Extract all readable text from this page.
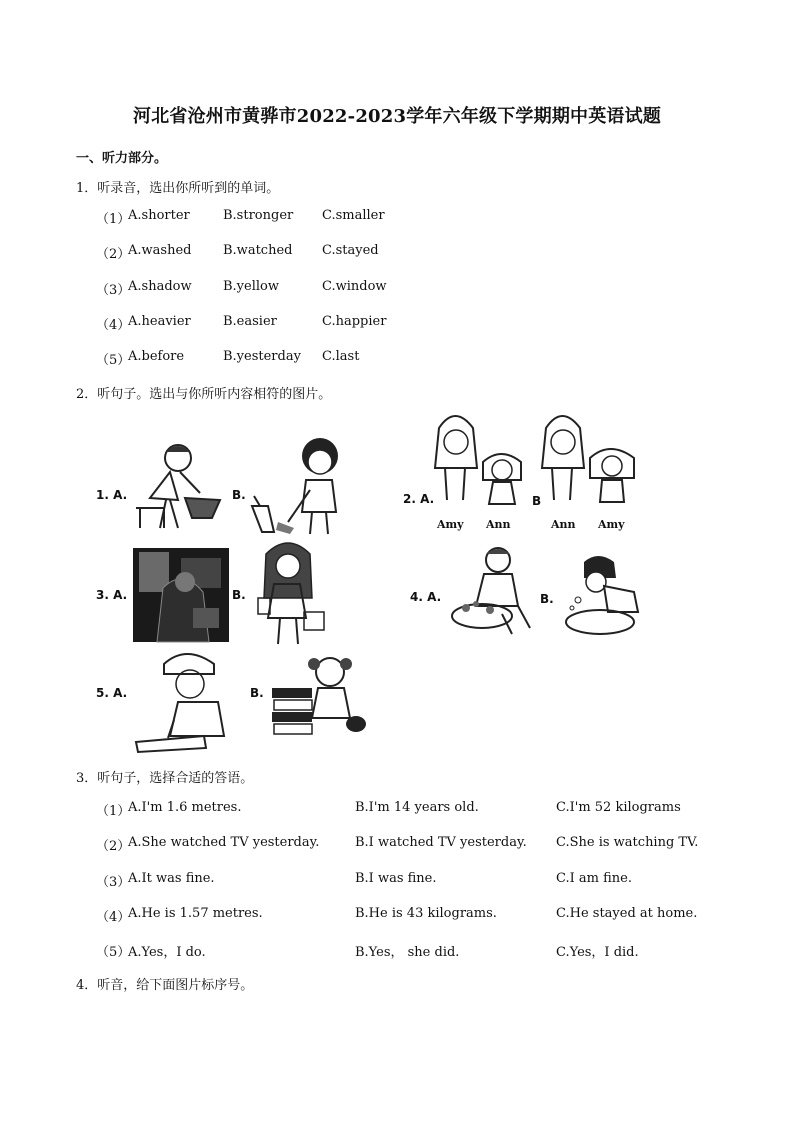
河北省沧州市黄骅市2022-2023学年六年级下学期期中英语试题
一、听力部分。
1．听录音，选出你所听到的单词。
（1）
A.shorter	B.stronger C.smaller
（2）
A.washed B.watched C.stayed
（3）
A.shadow B.yellow	C.window
（4）
A.heavier B.easier	C.happier
（5）
A.before	B.yesterday C.last
2．听句子。选出与你所听内容相符的图片。
1. A.	B.	2. A.
Amy Ann
B
Ann Amy
3. A.	B.	4. A.	B.
5. A.	B.
3．听句子，选择合适的答语。
（1）
A.I'm 1.6 metres.	B.I'm 14 years old.	C.I'm 52 kilograms
（2）
A.She watched TV yesterday.	B.I watched TV yesterday. C.She is watching TV.
（3）
A.It was fine.	B.I was fine.	C.I am fine.
（4）
A.He is 1.57 metres.	B.He is 43 kilograms.	C.He stayed at home.
（5）
A.Yes，I do.	B.Yes， she did.	C.Yes，I did.
4．听音，给下面图片标序号。
